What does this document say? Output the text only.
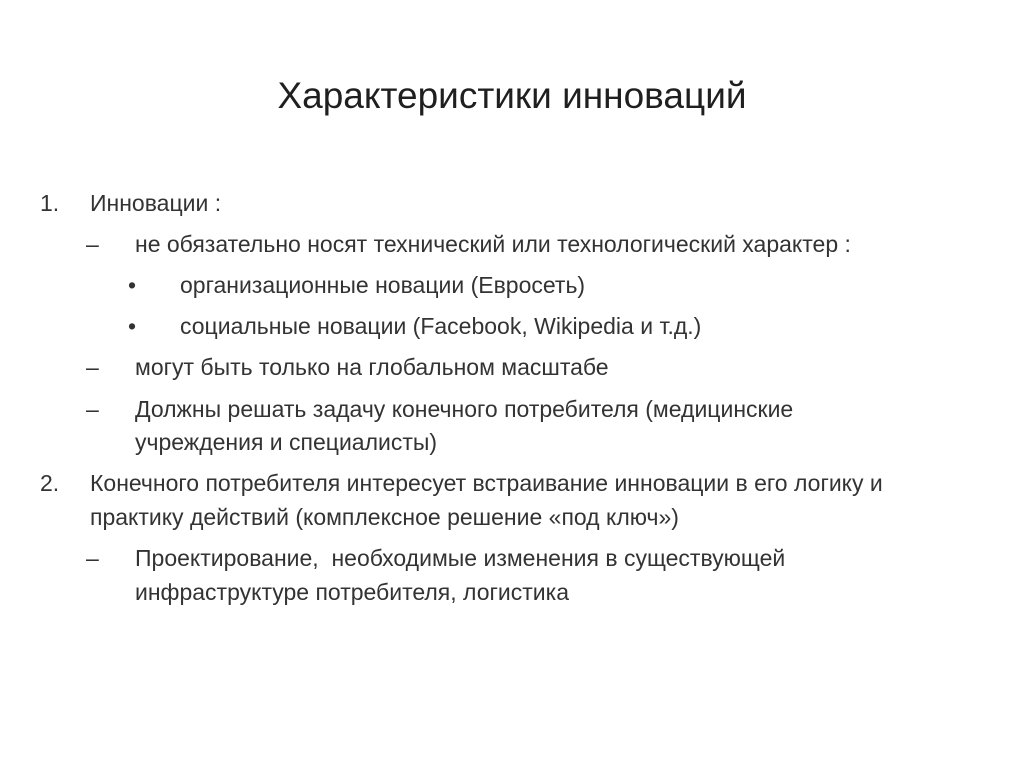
Характеристики инноваций
1. Инновации :
– не обязательно носят технический или технологический характер :
• организационные новации (Евросеть)
• социальные новации (Facebook, Wikipedia и т.д.)
– могут быть только на глобальном масштабе
– Должны решать задачу конечного потребителя (медицинские
учреждения и специалисты)
2. Конечного потребителя интересует встраивание инновации в его логику и
практику действий (комплексное решение «под ключ»)
– Проектирование,  необходимые изменения в существующей
инфраструктуре потребителя, логистика
